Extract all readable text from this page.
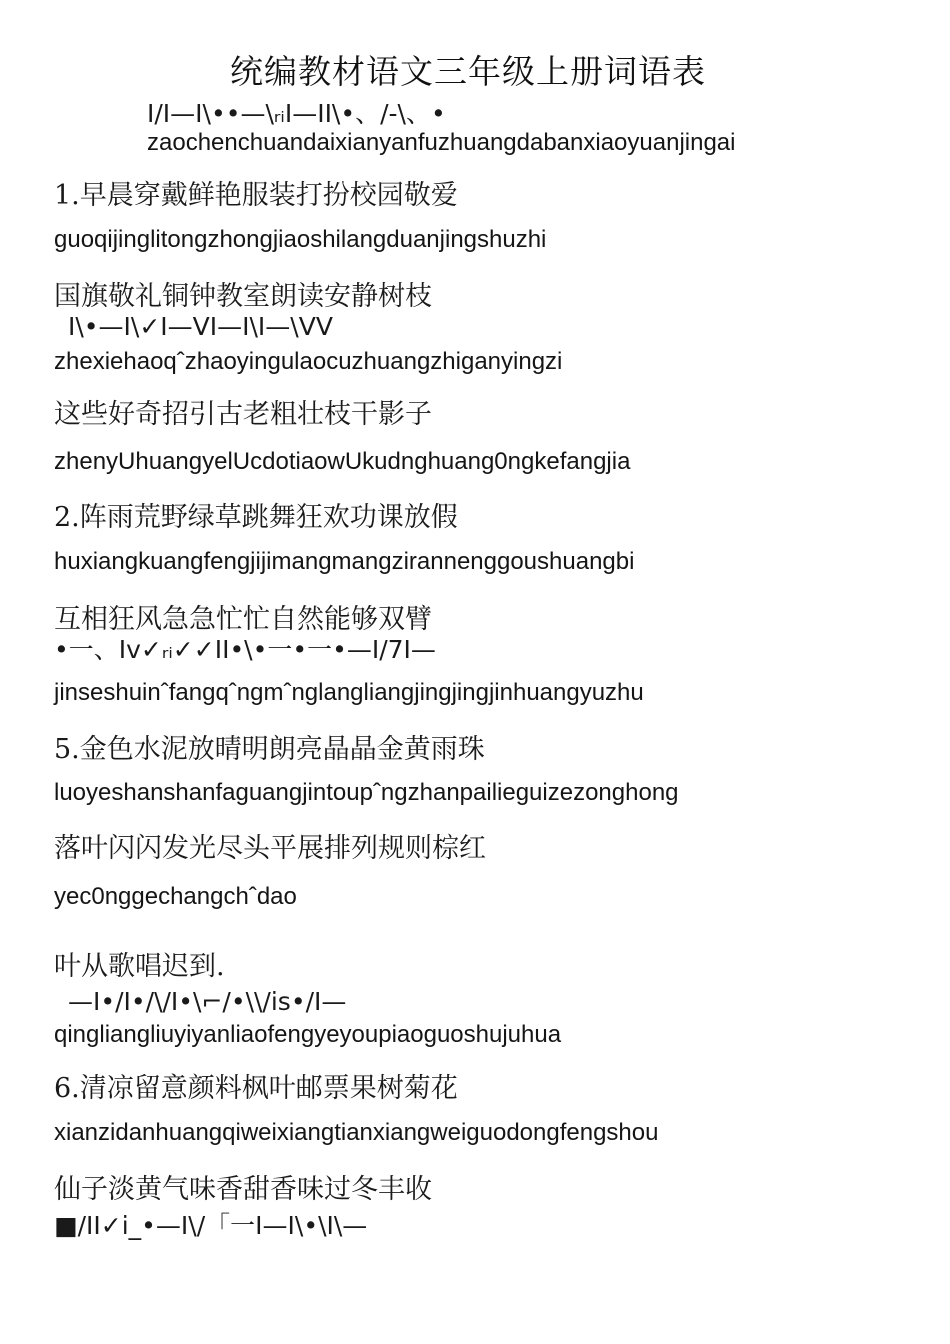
统编教材语文三年级上册词语表
I/I—I\••—\ᵣᵢI—II\•、/-\、•
zaochenchuandaixianyanfuzhuangdabanxiaoyuanjingai
1.早晨穿戴鲜艳服装打扮校园敬爱
guoqijinglitongzhongjiaoshilangduanjingshuzhi
国旗敬礼铜钟教室朗读安静树枝
I\•—I\✓I—VI—I\I—\VV
zhexiehaoqˆzhaoyingulaocuzhuangzhiganyingzi
这些好奇招引古老粗壮枝干影子
zhenyUhuangyelUcdotiaowUkudnghuang0ngkefangjia
2.阵雨荒野绿草跳舞狂欢功课放假
huxiangkuangfengjijimangmangzirannenggoushuangbi
互相狂风急急忙忙自然能够双臂
•一、Iv✓ᵣᵢ✓✓II•\•一•一•—I/7I—
jinseshuinˆfangqˆngmˆnglangliangjingjingjinhuangyuzhu
5.金色水泥放晴明朗亮晶晶金黄雨珠
luoyeshanshanfaguangjintoupˆngzhanpailieguizezonghong
落叶闪闪发光尽头平展排列规则棕红
yec0nggechangchˆdao
叶从歌唱迟到.
—I•/I•/\/I•\⌐/•\\/is•/I—
qingliangliuyiyanliaofengyeyoupiaoguoshujuhua
6.清凉留意颜料枫叶邮票果树菊花
xianzidanhuangqiweixiangtianxiangweiguodongfengshou
仙子淡黄气味香甜香味过冬丰收
■/II✓i_•—I\/「一I—I\•\I\—
